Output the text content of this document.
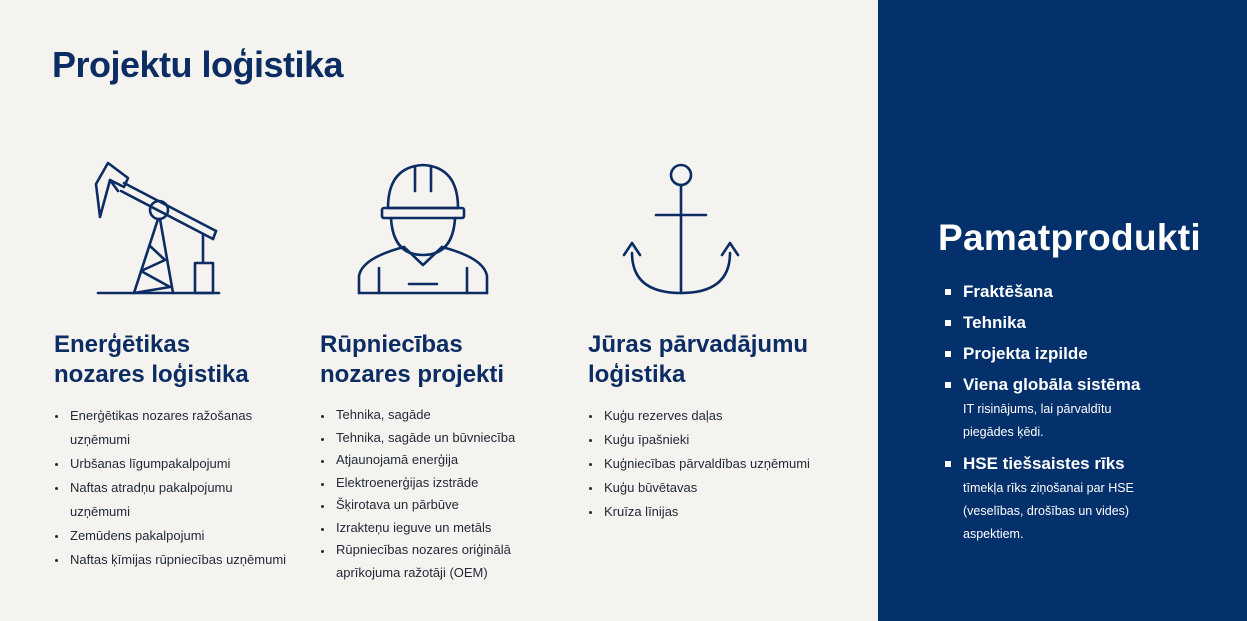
Projektu loģistika
Enerģētikas
nozares loģistika
Enerģētikas nozares ražošanas uzņēmumi
Urbšanas līgumpakalpojumi
Naftas atradņu pakalpojumu uzņēmumi
Zemūdens pakalpojumi
Naftas ķīmijas rūpniecības uzņēmumi
Rūpniecības
nozares projekti
Tehnika, sagāde
Tehnika, sagāde un būvniecība
Atjaunojamā enerģija
Elektroenerģijas izstrāde
Šķirotava un pārbūve
Izrakteņu ieguve un metāls
Rūpniecības nozares oriģinālā aprīkojuma ražotāji (OEM)
Jūras pārvadājumu
loģistika
Kuģu rezerves daļas
Kuģu īpašnieki
Kuģniecības pārvaldības uzņēmumi
Kuģu būvētavas
Kruīza līnijas
Pamatprodukti
Fraktēšana
Tehnika
Projekta izpilde
Viena globāla sistēma
IT risinājums, lai pārvaldītu piegādes ķēdi.
HSE tiešsaistes rīks
tīmekļa rīks ziņošanai par HSE (veselības, drošības un vides) aspektiem.
